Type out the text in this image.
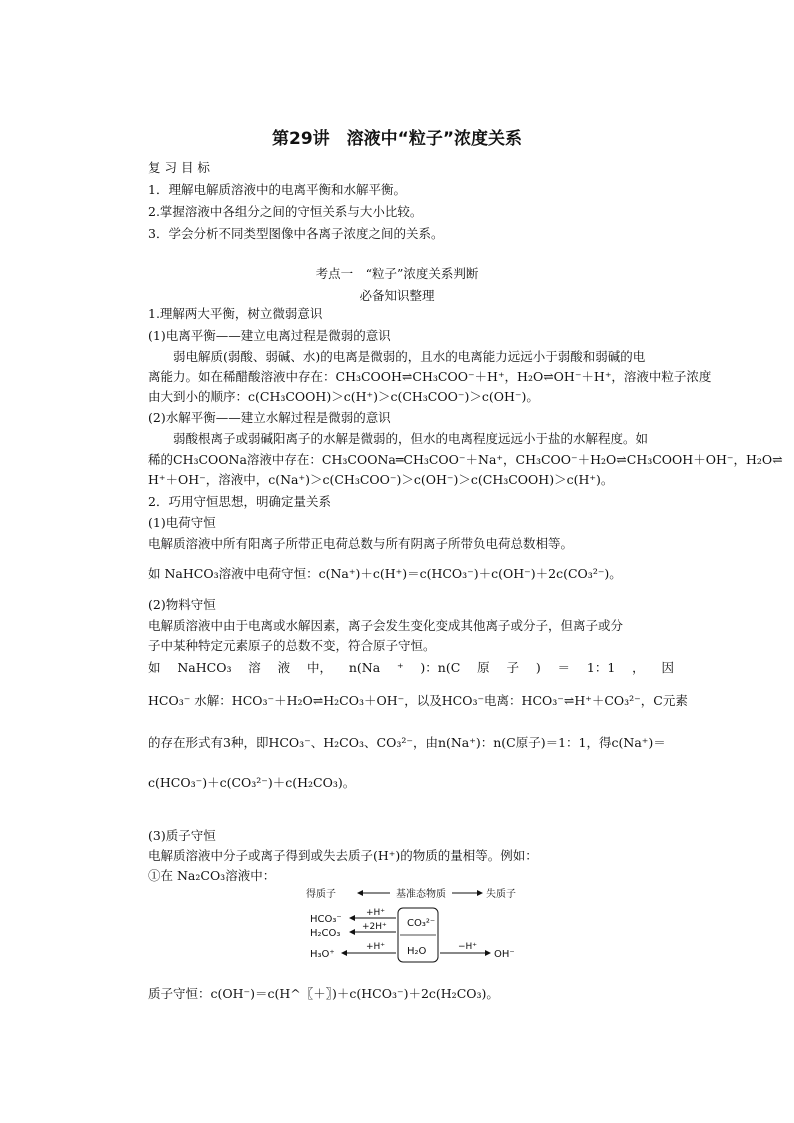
第29讲　溶液中“粒子”浓度关系
复 习 目 标
1．理解电解质溶液中的电离平衡和水解平衡。
2.掌握溶液中各组分之间的守恒关系与大小比较。
3．学会分析不同类型图像中各离子浓度之间的关系。
考点一　“粒子”浓度关系判断
必备知识整理
1.理解两大平衡，树立微弱意识
(1)电离平衡——建立电离过程是微弱的意识
　　弱电解质(弱酸、弱碱、水)的电离是微弱的，且水的电离能力远远小于弱酸和弱碱的电
离能力。如在稀醋酸溶液中存在：CH₃COOH⇌CH₃COO⁻＋H⁺，H₂O⇌OH⁻＋H⁺，溶液中粒子浓度
由大到小的顺序：c(CH₃COOH)＞c(H⁺)＞c(CH₃COO⁻)＞c(OH⁻)。
(2)水解平衡——建立水解过程是微弱的意识
　　弱酸根离子或弱碱阳离子的水解是微弱的，但水的电离程度远远小于盐的水解程度。如
稀的CH₃COONa溶液中存在：CH₃COONa═CH₃COO⁻＋Na⁺，CH₃COO⁻＋H₂O⇌CH₃COOH＋OH⁻，H₂O⇌
H⁺＋OH⁻，溶液中，c(Na⁺)＞c(CH₃COO⁻)＞c(OH⁻)＞c(CH₃COOH)＞c(H⁺)。
2．巧用守恒思想，明确定量关系
(1)电荷守恒
电解质溶液中所有阳离子所带正电荷总数与所有阴离子所带负电荷总数相等。
如 NaHCO₃溶液中电荷守恒：c(Na⁺)＋c(H⁺)＝c(HCO₃⁻)＋c(OH⁻)＋2c(CO₃²⁻)。
(2)物料守恒
电解质溶液中由于电离或水解因素，离子会发生变化变成其他离子或分子，但离子或分
子中某种特定元素原子的总数不变，符合原子守恒。
如 NaHCO₃ 溶 液 中， n(Na ⁺ )：n(C 原 子 ) ＝ 1：1 ， 因
HCO₃⁻ 水解：HCO₃⁻＋H₂O⇌H₂CO₃＋OH⁻，以及HCO₃⁻电离：HCO₃⁻⇌H⁺＋CO₃²⁻，C元素
的存在形式有3种，即HCO₃⁻、H₂CO₃、CO₃²⁻，由n(Na⁺)：n(C原子)＝1：1，得c(Na⁺)＝
c(HCO₃⁻)＋c(CO₃²⁻)＋c(H₂CO₃)。
(3)质子守恒
电解质溶液中分子或离子得到或失去质子(H⁺)的物质的量相等。例如：
①在 Na₂CO₃溶液中：
得质子	基准态物质	失质子
CO₃²⁻
H₂O
HCO₃⁻
H₂CO₃
H₃O⁺
+H⁺
+2H⁺
+H⁺	−H⁺
OH⁻
质子守恒：c(OH⁻)＝c(H^〖＋〗)＋c(HCO₃⁻)＋2c(H₂CO₃)。
